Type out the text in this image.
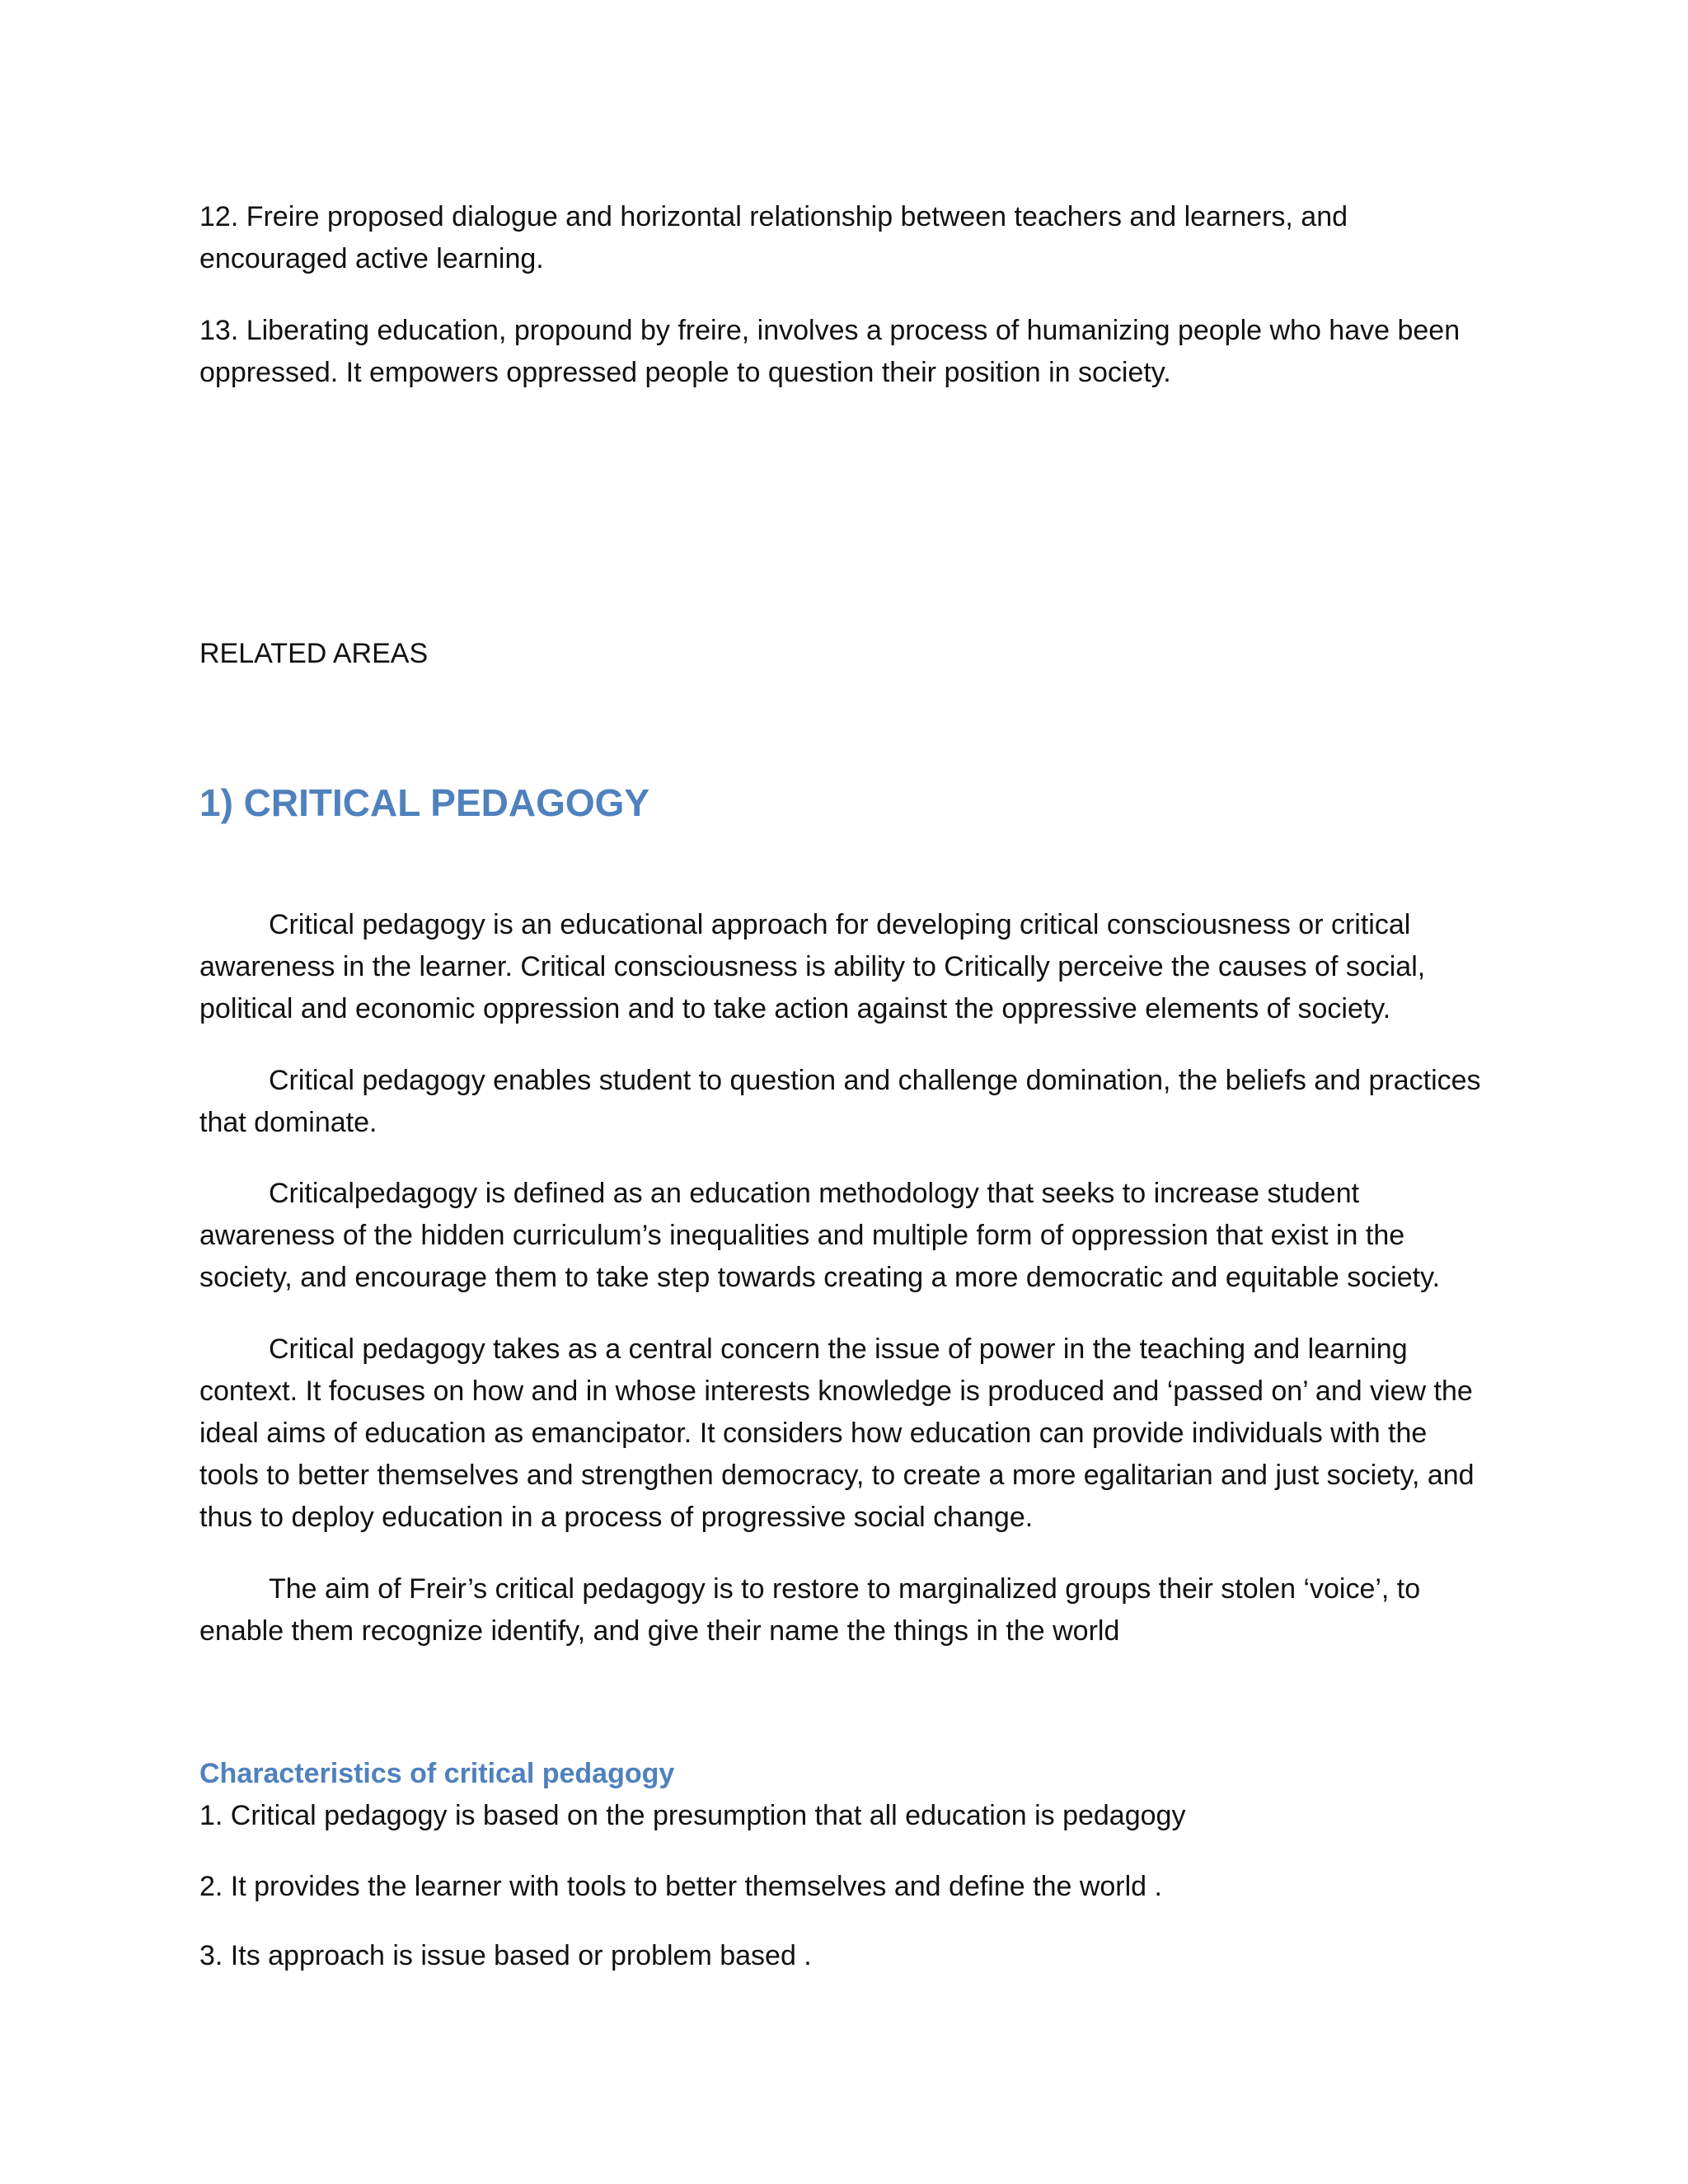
12. Freire proposed dialogue and horizontal relationship between teachers and learners, and encouraged active learning.

13. Liberating education, propound by freire, involves a process of humanizing people who have been oppressed. It empowers oppressed people to question their position in society.

RELATED AREAS

1) CRITICAL PEDAGOGY

Critical pedagogy is an educational approach for developing critical consciousness or critical awareness in the learner. Critical consciousness is ability to Critically perceive the causes of social, political and economic oppression and to take action against the oppressive elements of society.

Critical pedagogy enables student to question and challenge domination, the beliefs and practices that dominate.

Criticalpedagogy is defined as an education methodology that seeks to increase student awareness of the hidden curriculum’s inequalities and multiple form of oppression that exist in the society, and encourage them to take step towards creating a more democratic and equitable society.

Critical pedagogy takes as a central concern the issue of power in the teaching and learning context. It focuses on how and in whose interests knowledge is produced and ‘passed on’ and view the ideal aims of education as emancipator. It considers how education can provide individuals with the tools to better themselves and strengthen democracy, to create a more egalitarian and just society, and thus to deploy education in a process of progressive social change.

The aim of Freir’s critical pedagogy is to restore to marginalized groups their stolen ‘voice’, to enable them recognize identify, and give their name the things in the world

Characteristics of critical pedagogy

1. Critical pedagogy is based on the presumption that all education is pedagogy

2. It provides the learner with tools to better themselves and define the world .

3. Its approach is issue based or problem based .
